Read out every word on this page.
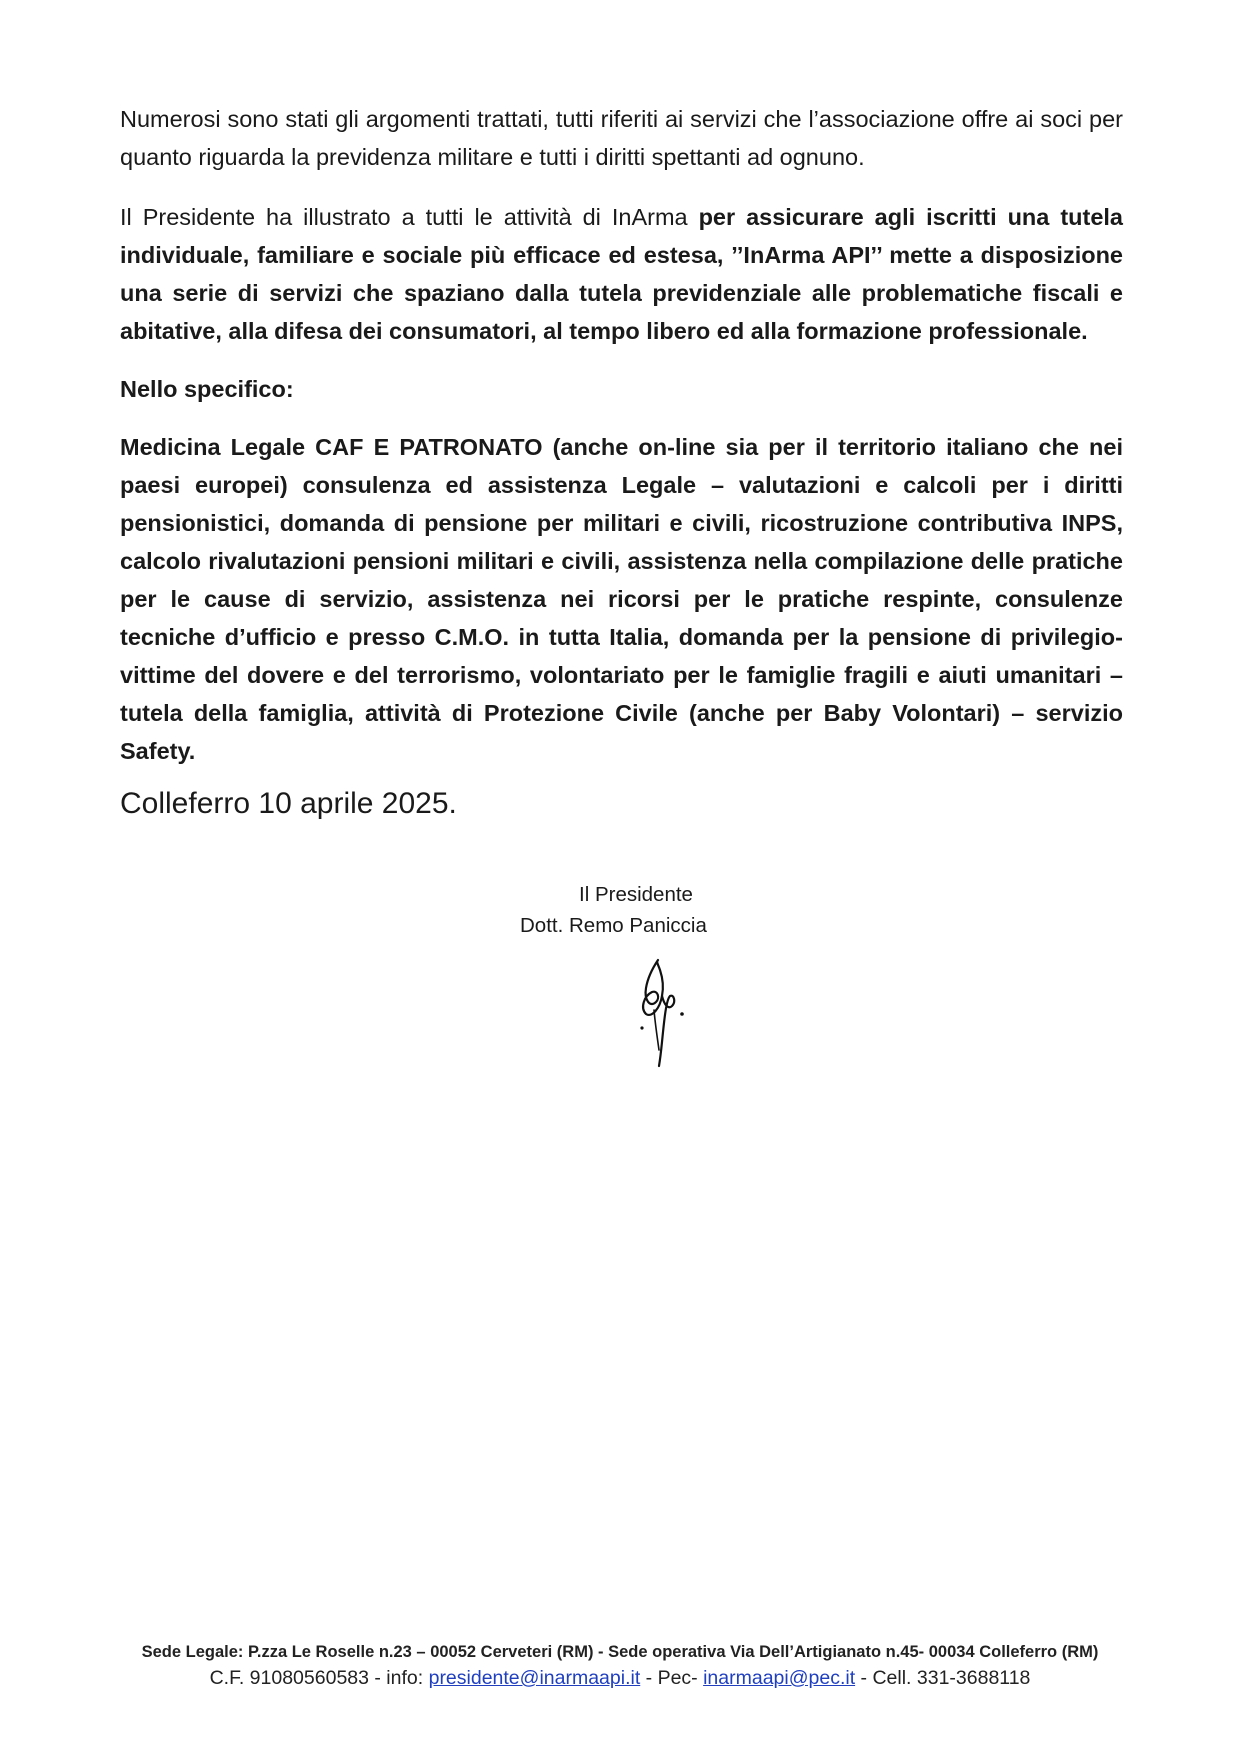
Numerosi sono stati gli argomenti trattati, tutti riferiti ai servizi che l’associazione offre ai soci per quanto riguarda la previdenza militare e tutti i diritti spettanti ad ognuno.

Il Presidente ha illustrato a tutti le attività di InArma per assicurare agli iscritti una tutela individuale, familiare e sociale più efficace ed estesa, ’’InArma API’’ mette a disposizione una serie di servizi che spaziano dalla tutela previdenziale alle problematiche fiscali e abitative, alla difesa dei consumatori, al tempo libero ed alla formazione professionale.

Nello specifico:

Medicina Legale CAF E PATRONATO (anche on-line sia per il territorio italiano che nei paesi europei) consulenza ed assistenza Legale – valutazioni e calcoli per i diritti pensionistici, domanda di pensione per militari e civili, ricostruzione contributiva INPS, calcolo rivalutazioni pensioni militari e civili, assistenza nella compilazione delle pratiche per le cause di servizio, assistenza nei ricorsi per le pratiche respinte, consulenze tecniche d’ufficio e presso C.M.O. in tutta Italia, domanda per la pensione di privilegio- vittime del dovere e del terrorismo, volontariato per le famiglie fragili e aiuti umanitari – tutela della famiglia, attività di Protezione Civile (anche per Baby Volontari) – servizio Safety.

Colleferro 10 aprile 2025.

Il Presidente
Dott. Remo Paniccia
Sede Legale: P.zza Le Roselle n.23 – 00052 Cerveteri (RM) - Sede operativa Via Dell’Artigianato n.45- 00034 Colleferro (RM)
C.F. 91080560583 - info: presidente@inarmaapi.it - Pec- inarmaapi@pec.it - Cell. 331-3688118
